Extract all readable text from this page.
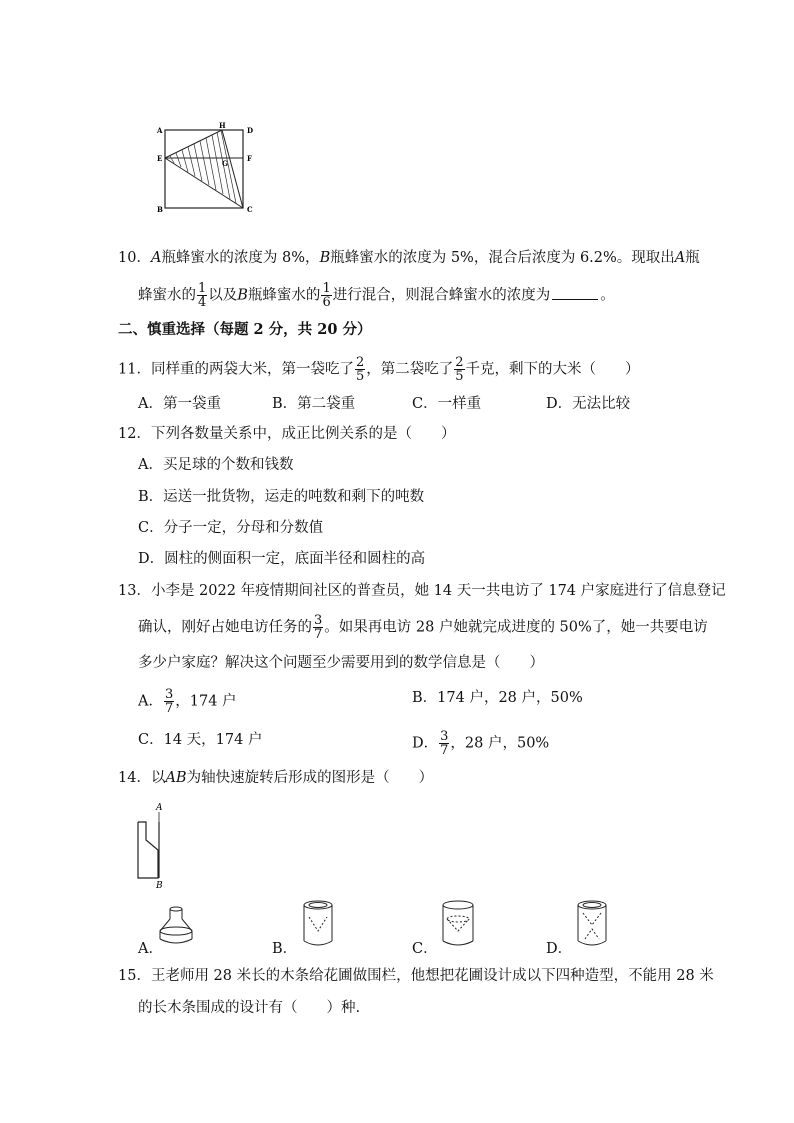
A
H
D
E
G
F
B	C
10．A瓶蜂蜜水的浓度为 8%，B瓶蜂蜜水的浓度为 5%，混合后浓度为 6.2%。现取出A瓶
蜂蜜水的 $\frac{1}{4}$ 以及B瓶蜂蜜水的 $\frac{1}{6}$ 进行混合，则混合蜂蜜水的浓度为	。
二、慎重选择（每题 2 分，共 20 分）
11．同样重的两袋大米，第一袋吃了 $\frac{2}{5}$ ，第二袋吃了 $\frac{2}{5}$ 千克，剩下的大米（　　）
A．第一袋重	B．第二袋重	C．一样重	D．无法比较
12．下列各数量关系中，成正比例关系的是（　　）
A．买足球的个数和钱数
B．运送一批货物，运走的吨数和剩下的吨数
C．分子一定，分母和分数值
D．圆柱的侧面积一定，底面半径和圆柱的高
13．小李是 2022 年疫情期间社区的普查员，她 14 天一共电访了 174 户家庭进行了信息登记
确认，刚好占她电访任务的 $\frac{3}{7}$ 。如果再电访 28 户她就完成进度的 50%了，她一共要电访
多少户家庭？解决这个问题至少需要用到的数学信息是（　　）
A． $\frac{3}{7}$ ，174 户	B．174 户，28 户，50%
C．14 天，174 户	D． $\frac{3}{7}$ ，28 户，50%
14．以AB为轴快速旋转后形成的图形是（　　）
A
B
A．	B．	C．	D．
15．王老师用 28 米长的木条给花圃做围栏，他想把花圃设计成以下四种造型，不能用 28 米
的长木条围成的设计有（　　）种.
